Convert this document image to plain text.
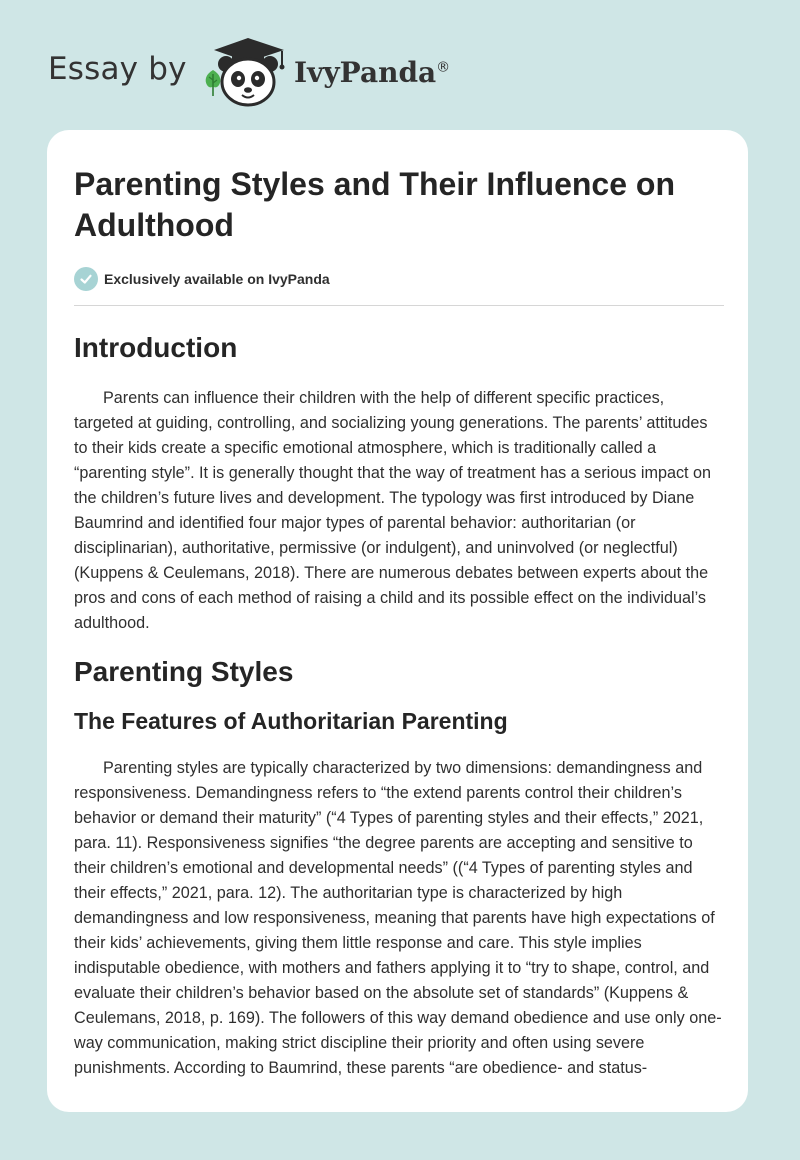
Essay by	IvyPanda®
Parenting Styles and Their Influence on Adulthood
Exclusively available on IvyPanda
Introduction

Parents can influence their children with the help of different specific practices, targeted at guiding, controlling, and socializing young generations. The parents’ attitudes to their kids create a specific emotional atmosphere, which is traditionally called a “parenting style”. It is generally thought that the way of treatment has a serious impact on the children’s future lives and development. The typology was first introduced by Diane Baumrind and identified four major types of parental behavior: authoritarian (or disciplinarian), authoritative, permissive (or indulgent), and uninvolved (or neglectful) (Kuppens & Ceulemans, 2018). There are numerous debates between experts about the pros and cons of each method of raising a child and its possible effect on the individual’s adulthood.

Parenting Styles
The Features of Authoritarian Parenting

Parenting styles are typically characterized by two dimensions: demandingness and responsiveness. Demandingness refers to “the extend parents control their children’s behavior or demand their maturity” (“4 Types of parenting styles and their effects,” 2021, para. 11). Responsiveness signifies “the degree parents are accepting and sensitive to their children’s emotional and developmental needs” ((“4 Types of parenting styles and their effects,” 2021, para. 12). The authoritarian type is characterized by high demandingness and low responsiveness, meaning that parents have high expectations of their kids’ achievements, giving them little response and care. This style implies indisputable obedience, with mothers and fathers applying it to “try to shape, control, and evaluate their children’s behavior based on the absolute set of standards” (Kuppens & Ceulemans, 2018, p. 169). The followers of this way demand obedience and use only one-way communication, making strict discipline their priority and often using severe punishments. According to Baumrind, these parents “are obedience- and status-
